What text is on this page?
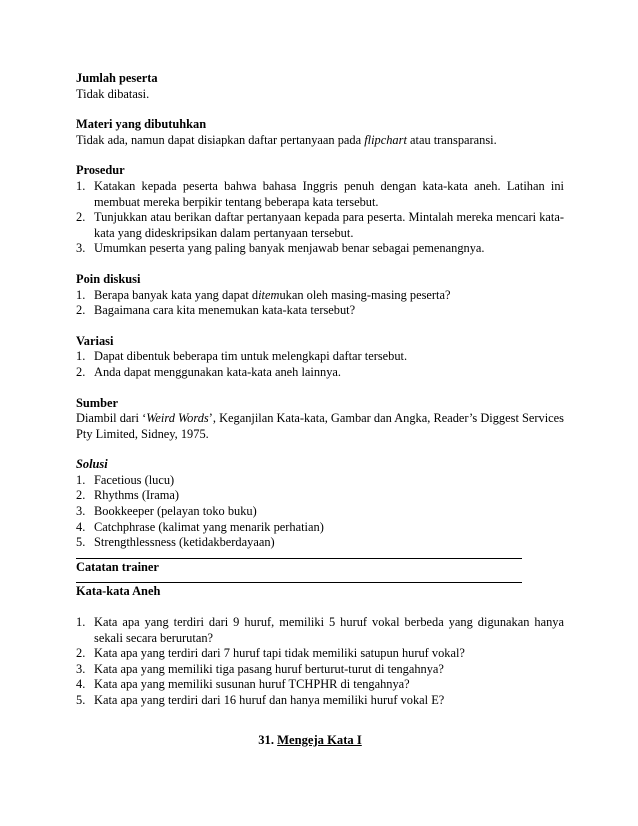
Jumlah peserta
Tidak dibatasi.
Materi yang dibutuhkan
Tidak ada, namun dapat disiapkan daftar pertanyaan pada flipchart atau transparansi.
Prosedur
1. Katakan kepada peserta bahwa bahasa Inggris penuh dengan kata-kata aneh. Latihan ini membuat mereka berpikir tentang beberapa kata tersebut.
2. Tunjukkan atau berikan daftar pertanyaan kepada para peserta. Mintalah mereka mencari kata-kata yang dideskripsikan dalam pertanyaan tersebut.
3. Umumkan peserta yang paling banyak menjawab benar sebagai pemenangnya.
Poin diskusi
1. Berapa banyak kata yang dapat ditemukan oleh masing-masing peserta?
2. Bagaimana cara kita menemukan kata-kata tersebut?
Variasi
1. Dapat dibentuk beberapa tim untuk melengkapi daftar tersebut.
2. Anda dapat menggunakan kata-kata aneh lainnya.
Sumber
Diambil dari ‘Weird Words’, Keganjilan Kata-kata, Gambar dan Angka, Reader’s Diggest Services Pty Limited, Sidney, 1975.
Solusi
1. Facetious (lucu)
2. Rhythms (Irama)
3. Bookkeeper (pelayan toko buku)
4. Catchphrase (kalimat yang menarik perhatian)
5. Strengthlessness (ketidakberdayaan)
Catatan trainer
Kata-kata Aneh
1. Kata apa yang terdiri dari 9 huruf, memiliki 5 huruf vokal berbeda yang digunakan hanya sekali secara berurutan?
2. Kata apa yang terdiri dari 7 huruf tapi tidak memiliki satupun huruf vokal?
3. Kata apa yang memiliki tiga pasang huruf berturut-turut di tengahnya?
4. Kata apa yang memiliki susunan huruf TCHPHR di tengahnya?
5. Kata apa yang terdiri dari 16 huruf dan hanya memiliki huruf vokal E?
31. Mengeja Kata I
